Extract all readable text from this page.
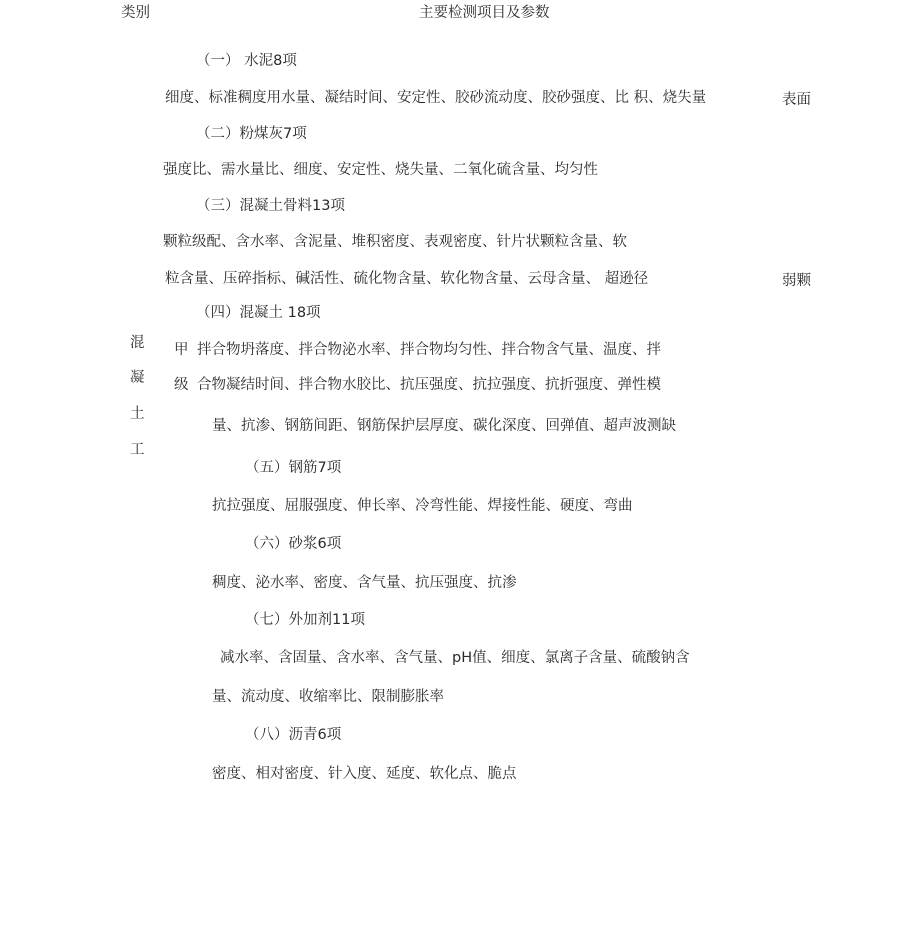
类别	主要检测项目及参数
混
凝
土
工
甲
级
表面
弱颗
（一） 水泥8项
细度、标准稠度用水量、凝结时间、安定性、胶砂流动度、胶砂强度、比 积、烧失量
（二）粉煤灰7项
强度比、需水量比、细度、安定性、烧失量、二氧化硫含量、均匀性
（三）混凝土骨料13项
颗粒级配、含水率、含泥量、堆积密度、表观密度、针片状颗粒含量、软
粒含量、压碎指标、碱活性、硫化物含量、软化物含量、云母含量、 超逊径
（四）混凝土 18项
拌合物坍落度、拌合物泌水率、拌合物均匀性、拌合物含气量、温度、拌
合物凝结时间、拌合物水胶比、抗压强度、抗拉强度、抗折强度、弹性模
量、抗渗、钢筋间距、钢筋保护层厚度、碳化深度、回弹值、超声波测缺
（五）钢筋7项
抗拉强度、屈服强度、伸长率、冷弯性能、焊接性能、硬度、弯曲
（六）砂浆6项
稠度、泌水率、密度、含气量、抗压强度、抗渗
（七）外加剂11项
减水率、含固量、含水率、含气量、pH值、细度、氯离子含量、硫酸钠含
量、流动度、收缩率比、限制膨胀率
（八）沥青6项
密度、相对密度、针入度、延度、软化点、脆点
